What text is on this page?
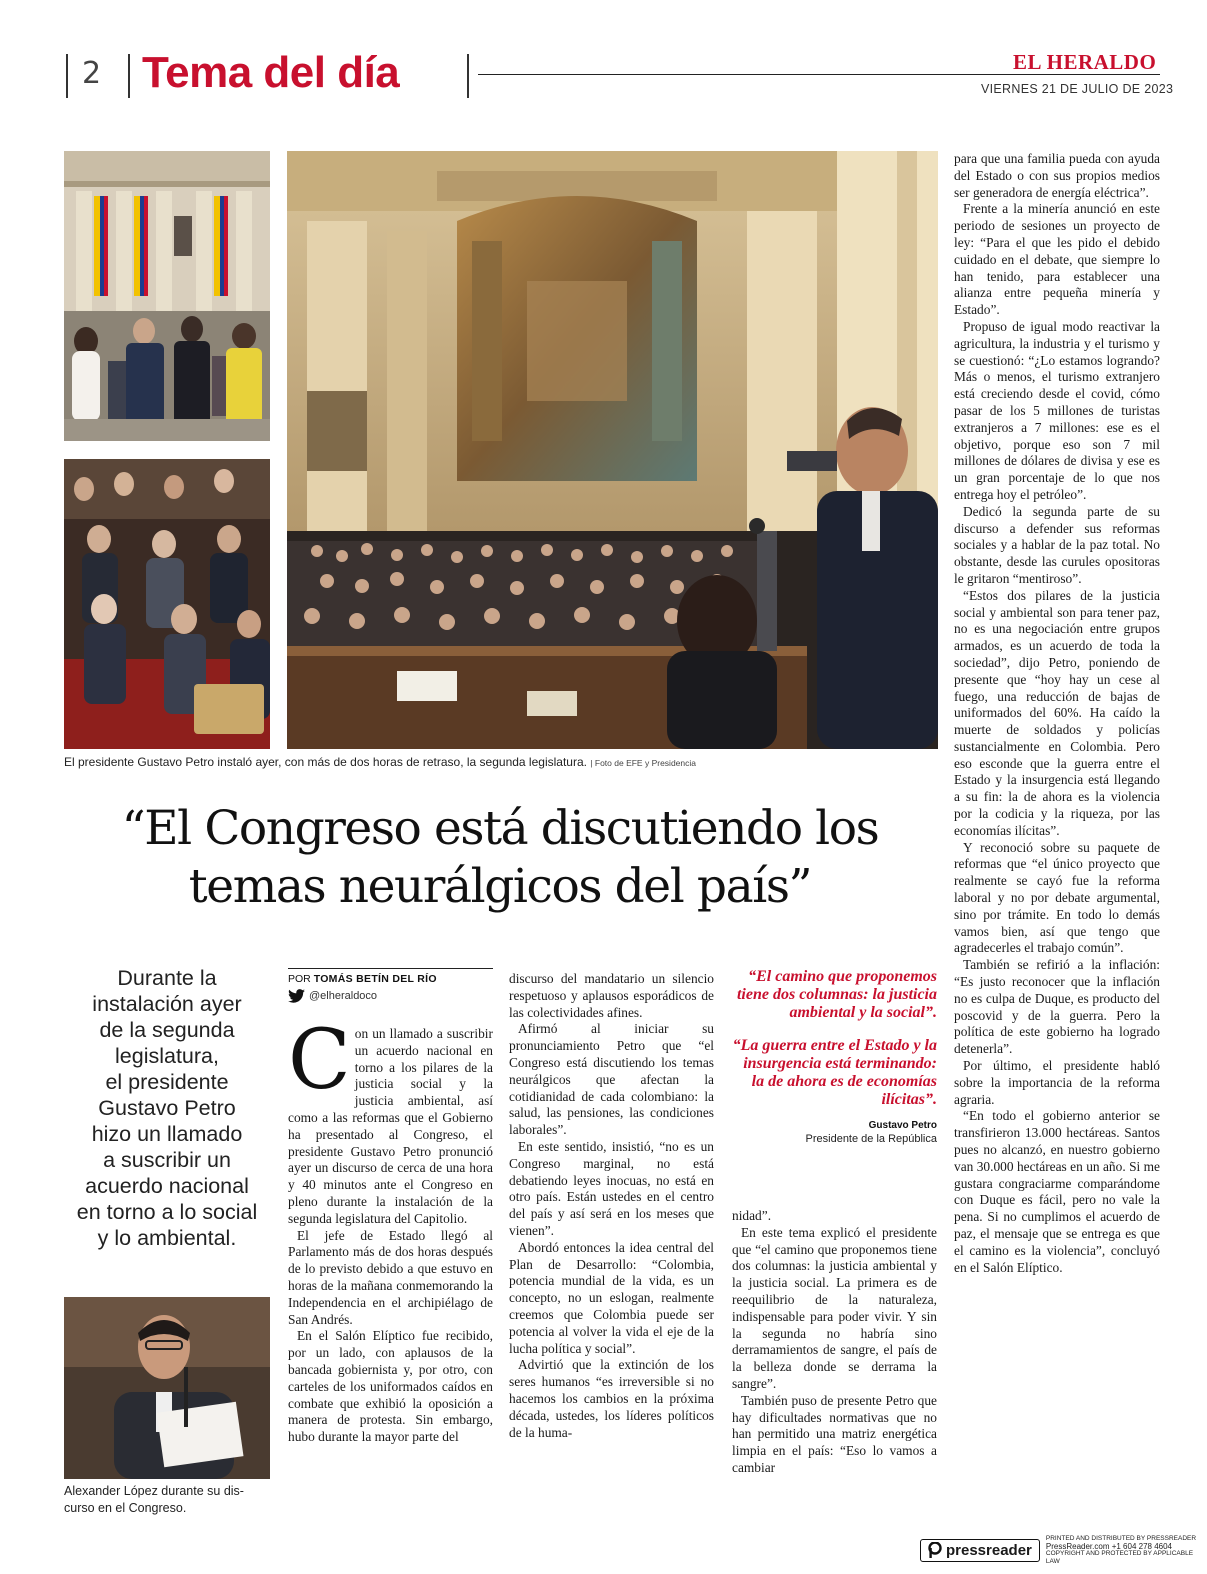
2 Tema del día	EL HERALDO
VIERNES 21 DE JULIO DE 2023
El presidente Gustavo Petro instaló ayer, con más de dos horas de retraso, la segunda legislatura. | Foto de EFE y Presidencia
“El Congreso está discutiendo los
temas neurálgicos del país”
Durante la
instalación ayer
de la segunda
legislatura,
el presidente
Gustavo Petro
hizo un llamado
a suscribir un
acuerdo nacional
en torno a lo social
y lo ambiental.
Alexander López durante su dis-
curso en el Congreso.
POR TOMÁS BETÍN DEL RÍO
@elheraldoco

Con un llamado a suscribir un acuerdo nacional en torno a los pilares de la justicia social y la justicia ambiental, así como a las reformas que el Gobierno ha presentado al Congreso, el presidente Gustavo Petro pronunció ayer un discurso de cerca de una hora y 40 minutos ante el Congreso en pleno durante la instalación de la segunda legislatura del Capitolio.

El jefe de Estado llegó al Parlamento más de dos horas después de lo previsto debido a que estuvo en horas de la mañana conmemorando la Independencia en el archipiélago de San Andrés.

En el Salón Elíptico fue recibido, por un lado, con aplausos de la bancada gobiernista y, por otro, con carteles de los uniformados caídos en combate que exhibió la oposición a manera de protesta. Sin embargo, hubo durante la mayor parte del

discurso del mandatario un silencio respetuoso y aplausos esporádicos de las colectividades afines.

Afirmó al iniciar su pronunciamiento Petro que “el Congreso está discutiendo los temas neurálgicos que afectan la cotidianidad de cada colombiano: la salud, las pensiones, las condiciones laborales”.

En este sentido, insistió, “no es un Congreso marginal, no está debatiendo leyes inocuas, no está en otro país. Están ustedes en el centro del país y así será en los meses que vienen”.

Abordó entonces la idea central del Plan de Desarrollo: “Colombia, potencia mundial de la vida, es un concepto, no un eslogan, realmente creemos que Colombia puede ser potencia al volver la vida el eje de la lucha política y social”.

Advirtió que la extinción de los seres humanos “es irreversible si no hacemos los cambios en la próxima década, ustedes, los líderes políticos de la huma-

“El camino que proponemos tiene dos columnas: la justicia ambiental y la social”.
“La guerra entre el Estado y la insurgencia está terminando: la de ahora es de economías ilícitas”.
Gustavo Petro
Presidente de la República

nidad”.

En este tema explicó el presidente que “el camino que proponemos tiene dos columnas: la justicia ambiental y la justicia social. La primera es de reequilibrio de la naturaleza, indispensable para poder vivir. Y sin la segunda no habría sino derramamientos de sangre, el país de la belleza donde se derrama la sangre”.

También puso de presente Petro que hay dificultades normativas que no han permitido una matriz energética limpia en el país: “Eso lo vamos a cambiar

para que una familia pueda con ayuda del Estado o con sus propios medios ser generadora de energía eléctrica”.

Frente a la minería anunció en este periodo de sesiones un proyecto de ley: “Para el que les pido el debido cuidado en el debate, que siempre lo han tenido, para establecer una alianza entre pequeña minería y Estado”.

Propuso de igual modo reactivar la agricultura, la industria y el turismo y se cuestionó: “¿Lo estamos logrando? Más o menos, el turismo extranjero está creciendo desde el covid, cómo pasar de los 5 millones de turistas extranjeros a 7 millones: ese es el objetivo, porque eso son 7 mil millones de dólares de divisa y ese es un gran porcentaje de lo que nos entrega hoy el petróleo”.

Dedicó la segunda parte de su discurso a defender sus reformas sociales y a hablar de la paz total. No obstante, desde las curules opositoras le gritaron “mentiroso”.

“Estos dos pilares de la justicia social y ambiental son para tener paz, no es una negociación entre grupos armados, es un acuerdo de toda la sociedad”, dijo Petro, poniendo de presente que “hoy hay un cese al fuego, una reducción de bajas de uniformados del 60%. Ha caído la muerte de soldados y policías sustancialmente en Colombia. Pero eso esconde que la guerra entre el Estado y la insurgencia está llegando a su fin: la de ahora es la violencia por la codicia y la riqueza, por las economías ilícitas”.

Y reconoció sobre su paquete de reformas que “el único proyecto que realmente se cayó fue la reforma laboral y no por debate argumental, sino por trámite. En todo lo demás vamos bien, así que tengo que agradecerles el trabajo común”.

También se refirió a la inflación: “Es justo reconocer que la inflación no es culpa de Duque, es producto del poscovid y de la guerra. Pero la política de este gobierno ha logrado detenerla”.

Por último, el presidente habló sobre la importancia de la reforma agraria.

“En todo el gobierno anterior se transfirieron 13.000 hectáreas. Santos pues no alcanzó, en nuestro gobierno van 30.000 hectáreas en un año. Si me gustara congraciarme comparándome con Duque es fácil, pero no vale la pena. Si no cumplimos el acuerdo de paz, el mensaje que se entrega es que el camino es la violencia”, concluyó en el Salón Elíptico.

pressreader
PRINTED AND DISTRIBUTED BY PRESSREADER
PressReader.com +1 604 278 4604
COPYRIGHT AND PROTECTED BY APPLICABLE LAW
